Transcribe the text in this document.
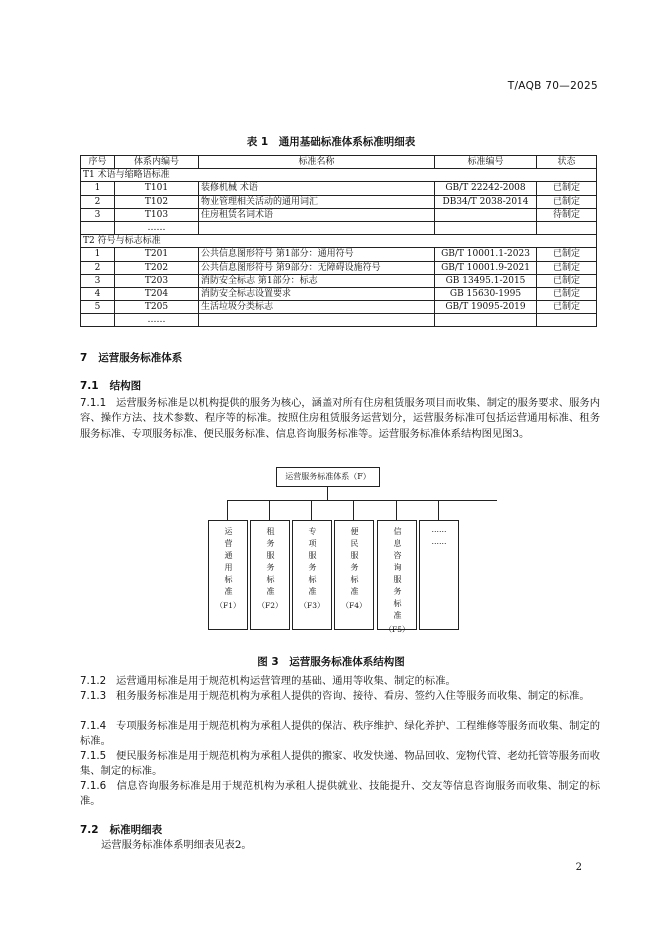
T/AQB 70—2025
表 1　通用基础标准体系标准明细表
序号	体系内编号	标准名称	标准编号	状态
T1 术语与缩略语标准				
1	T101	装修机械 术语	GB/T 22242-2008	已制定
2	T102	物业管理相关活动的通用词汇	DB34/T 2038-2014	已制定
3	T103	住房租赁名词术语		待制定
	……			
T2 符号与标志标准				
1	T201	公共信息图形符号 第1部分：通用符号	GB/T 10001.1-2023	已制定
2	T202	公共信息图形符号 第9部分：无障碍设施符号	GB/T 10001.9-2021	已制定
3	T203	消防安全标志 第1部分：标志	GB 13495.1-2015	已制定
4	T204	消防安全标志设置要求	GB 15630-1995	已制定
5	T205	生活垃圾分类标志	GB/T 19095-2019	已制定
	……			
7 运营服务标准体系
7.1 结构图
7.1.1 运营服务标准是以机构提供的服务为核心，涵盖对所有住房租赁服务项目而收集、制定的服务要求、服务内容、操作方法、技术参数、程序等的标准。按照住房租赁服务运营划分，运营服务标准可包括运营通用标准、租务服务标准、专项服务标准、便民服务标准、信息咨询服务标准等。运营服务标准体系结构图见图3。
运营服务标准体系（F）
运营通用标准
（F1）
租务服务标准
（F2）
专项服务标准
（F3）
便民服务标准
（F4）	信息咨询服务标准
（F5）
……
……
图 3　运营服务标准体系结构图
7.1.2 运营通用标准是用于规范机构运营管理的基础、通用等收集、制定的标准。
7.1.3 租务服务标准是用于规范机构为承租人提供的咨询、接待、看房、签约入住等服务而收集、制定的标准。
7.1.4 专项服务标准是用于规范机构为承租人提供的保洁、秩序维护、绿化养护、工程维修等服务而收集、制定的标准。
7.1.5 便民服务标准是用于规范机构为承租人提供的搬家、收发快递、物品回收、宠物代管、老幼托管等服务而收集、制定的标准。
7.1.6 信息咨询服务标准是用于规范机构为承租人提供就业、技能提升、交友等信息咨询服务而收集、制定的标准。
7.2 标准明细表
运营服务标准体系明细表见表2。
2
